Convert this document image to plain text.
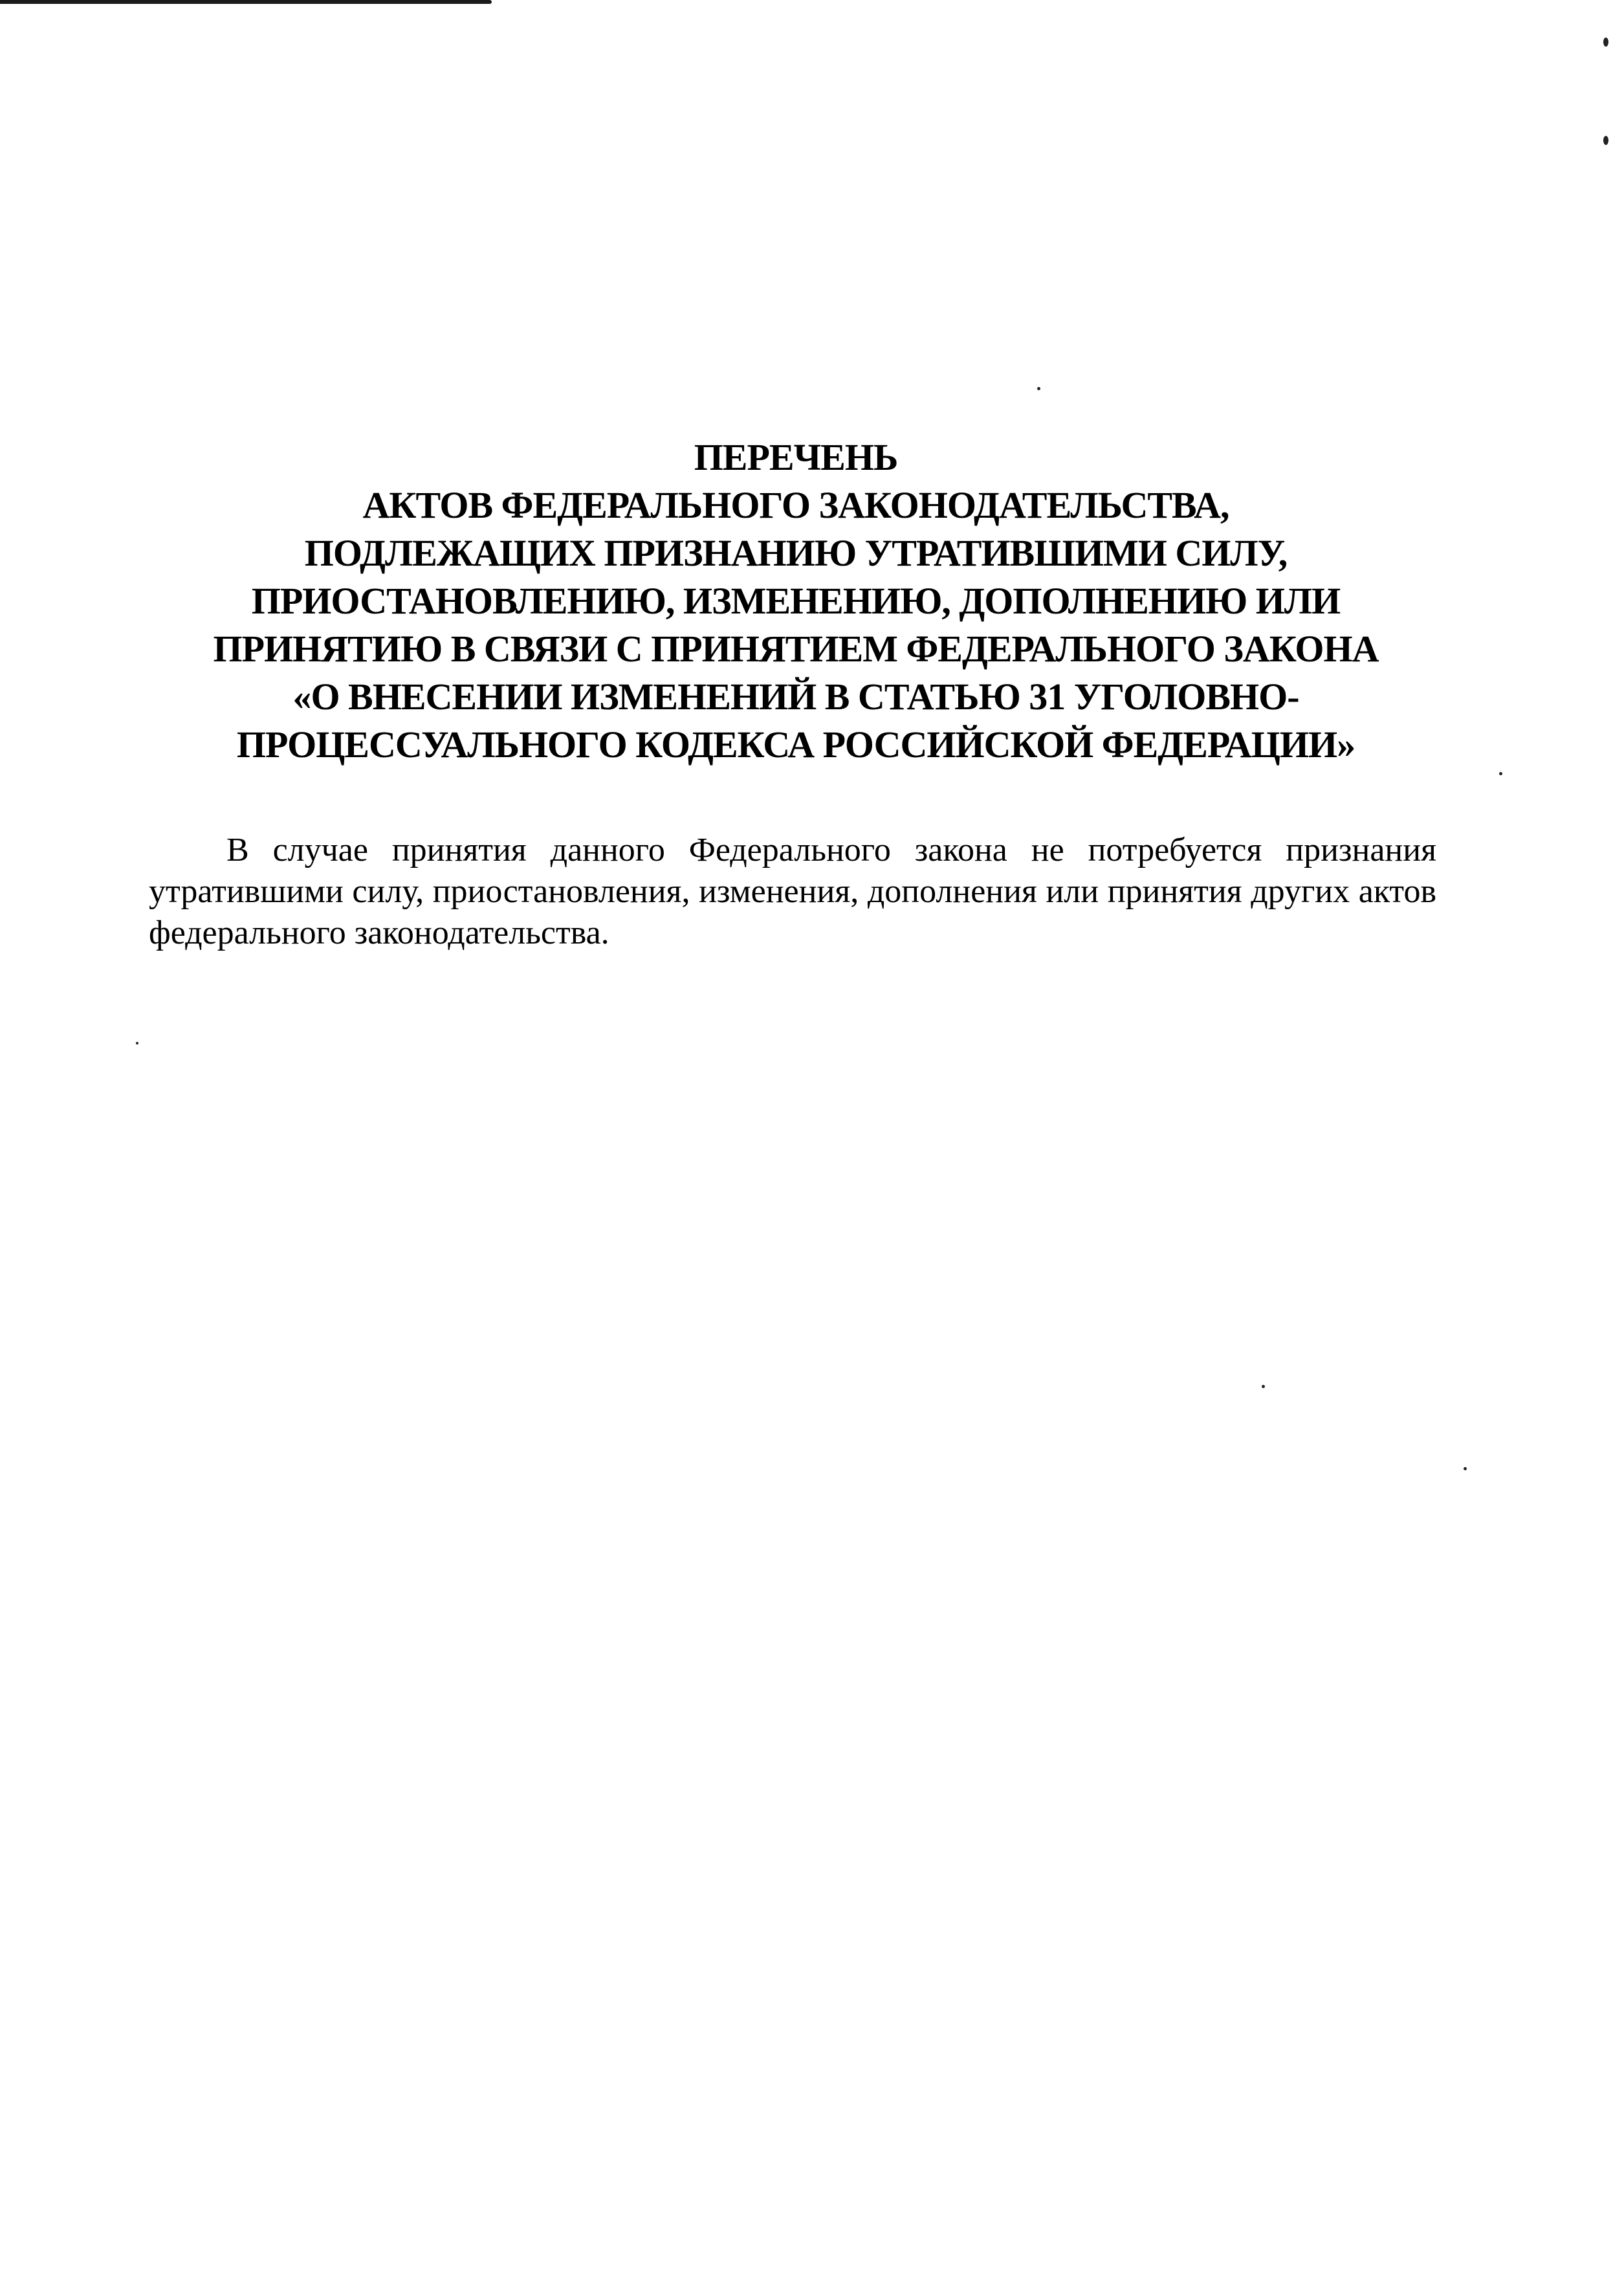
ПЕРЕЧЕНЬ
АКТОВ ФЕДЕРАЛЬНОГО ЗАКОНОДАТЕЛЬСТВА,
ПОДЛЕЖАЩИХ ПРИЗНАНИЮ УТРАТИВШИМИ СИЛУ,
ПРИОСТАНОВЛЕНИЮ, ИЗМЕНЕНИЮ, ДОПОЛНЕНИЮ ИЛИ
ПРИНЯТИЮ В СВЯЗИ С ПРИНЯТИЕМ ФЕДЕРАЛЬНОГО ЗАКОНА
«О ВНЕСЕНИИ ИЗМЕНЕНИЙ В СТАТЬЮ 31 УГОЛОВНО-
ПРОЦЕССУАЛЬНОГО КОДЕКСА РОССИЙСКОЙ ФЕДЕРАЦИИ»

В случае принятия данного Федерального закона не потребуется признания утратившими силу, приостановления, изменения, дополнения или принятия других актов федерального законодательства.
